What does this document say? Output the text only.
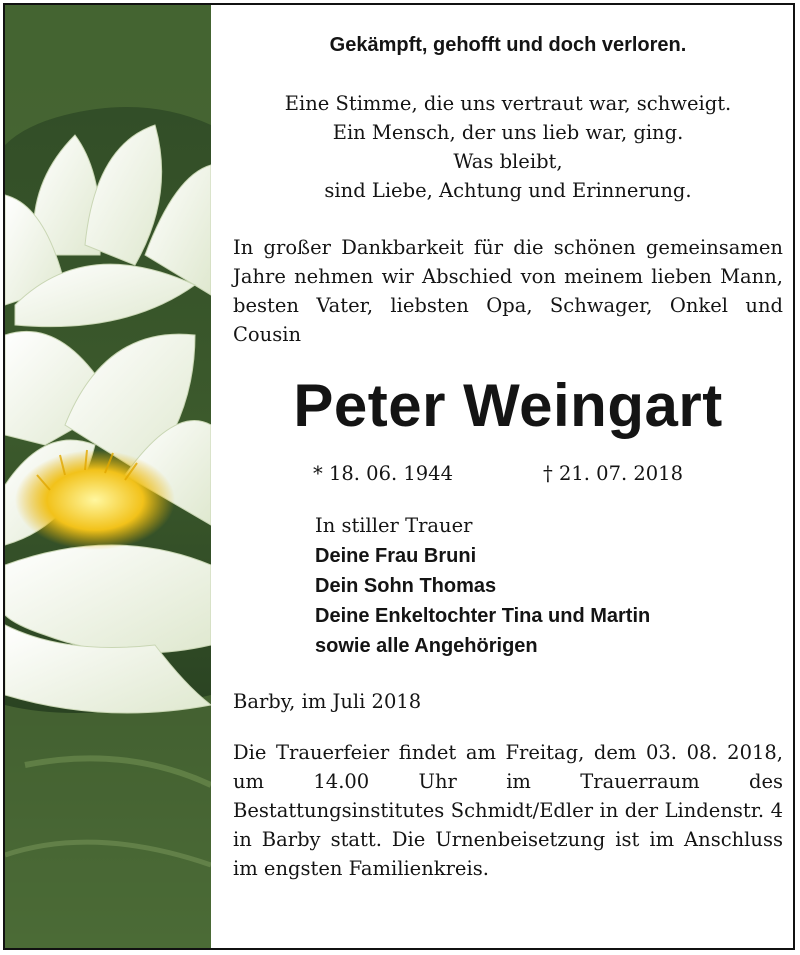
Gekämpft, gehofft und doch verloren.

Eine Stimme, die uns vertraut war, schweigt.
Ein Mensch, der uns lieb war, ging.
Was bleibt,
sind Liebe, Achtung und Erinnerung.
In großer Dankbarkeit für die schönen gemeinsamen Jahre nehmen wir Abschied von meinem lieben Mann, besten Vater, liebsten Opa, Schwager, Onkel und Cousin
Peter Weingart
* 18. 06. 1944	† 21. 07. 2018
In stiller Trauer
Deine Frau Bruni
Dein Sohn Thomas
Deine Enkeltochter Tina und Martin
sowie alle Angehörigen
Barby, im Juli 2018
Die Trauerfeier findet am Freitag, dem 03. 08. 2018, um 14.00 Uhr im Trauerraum des Bestattungsinstitutes Schmidt/Edler in der Lindenstr. 4 in Barby statt. Die Urnenbeisetzung ist im Anschluss im engsten Familienkreis.
